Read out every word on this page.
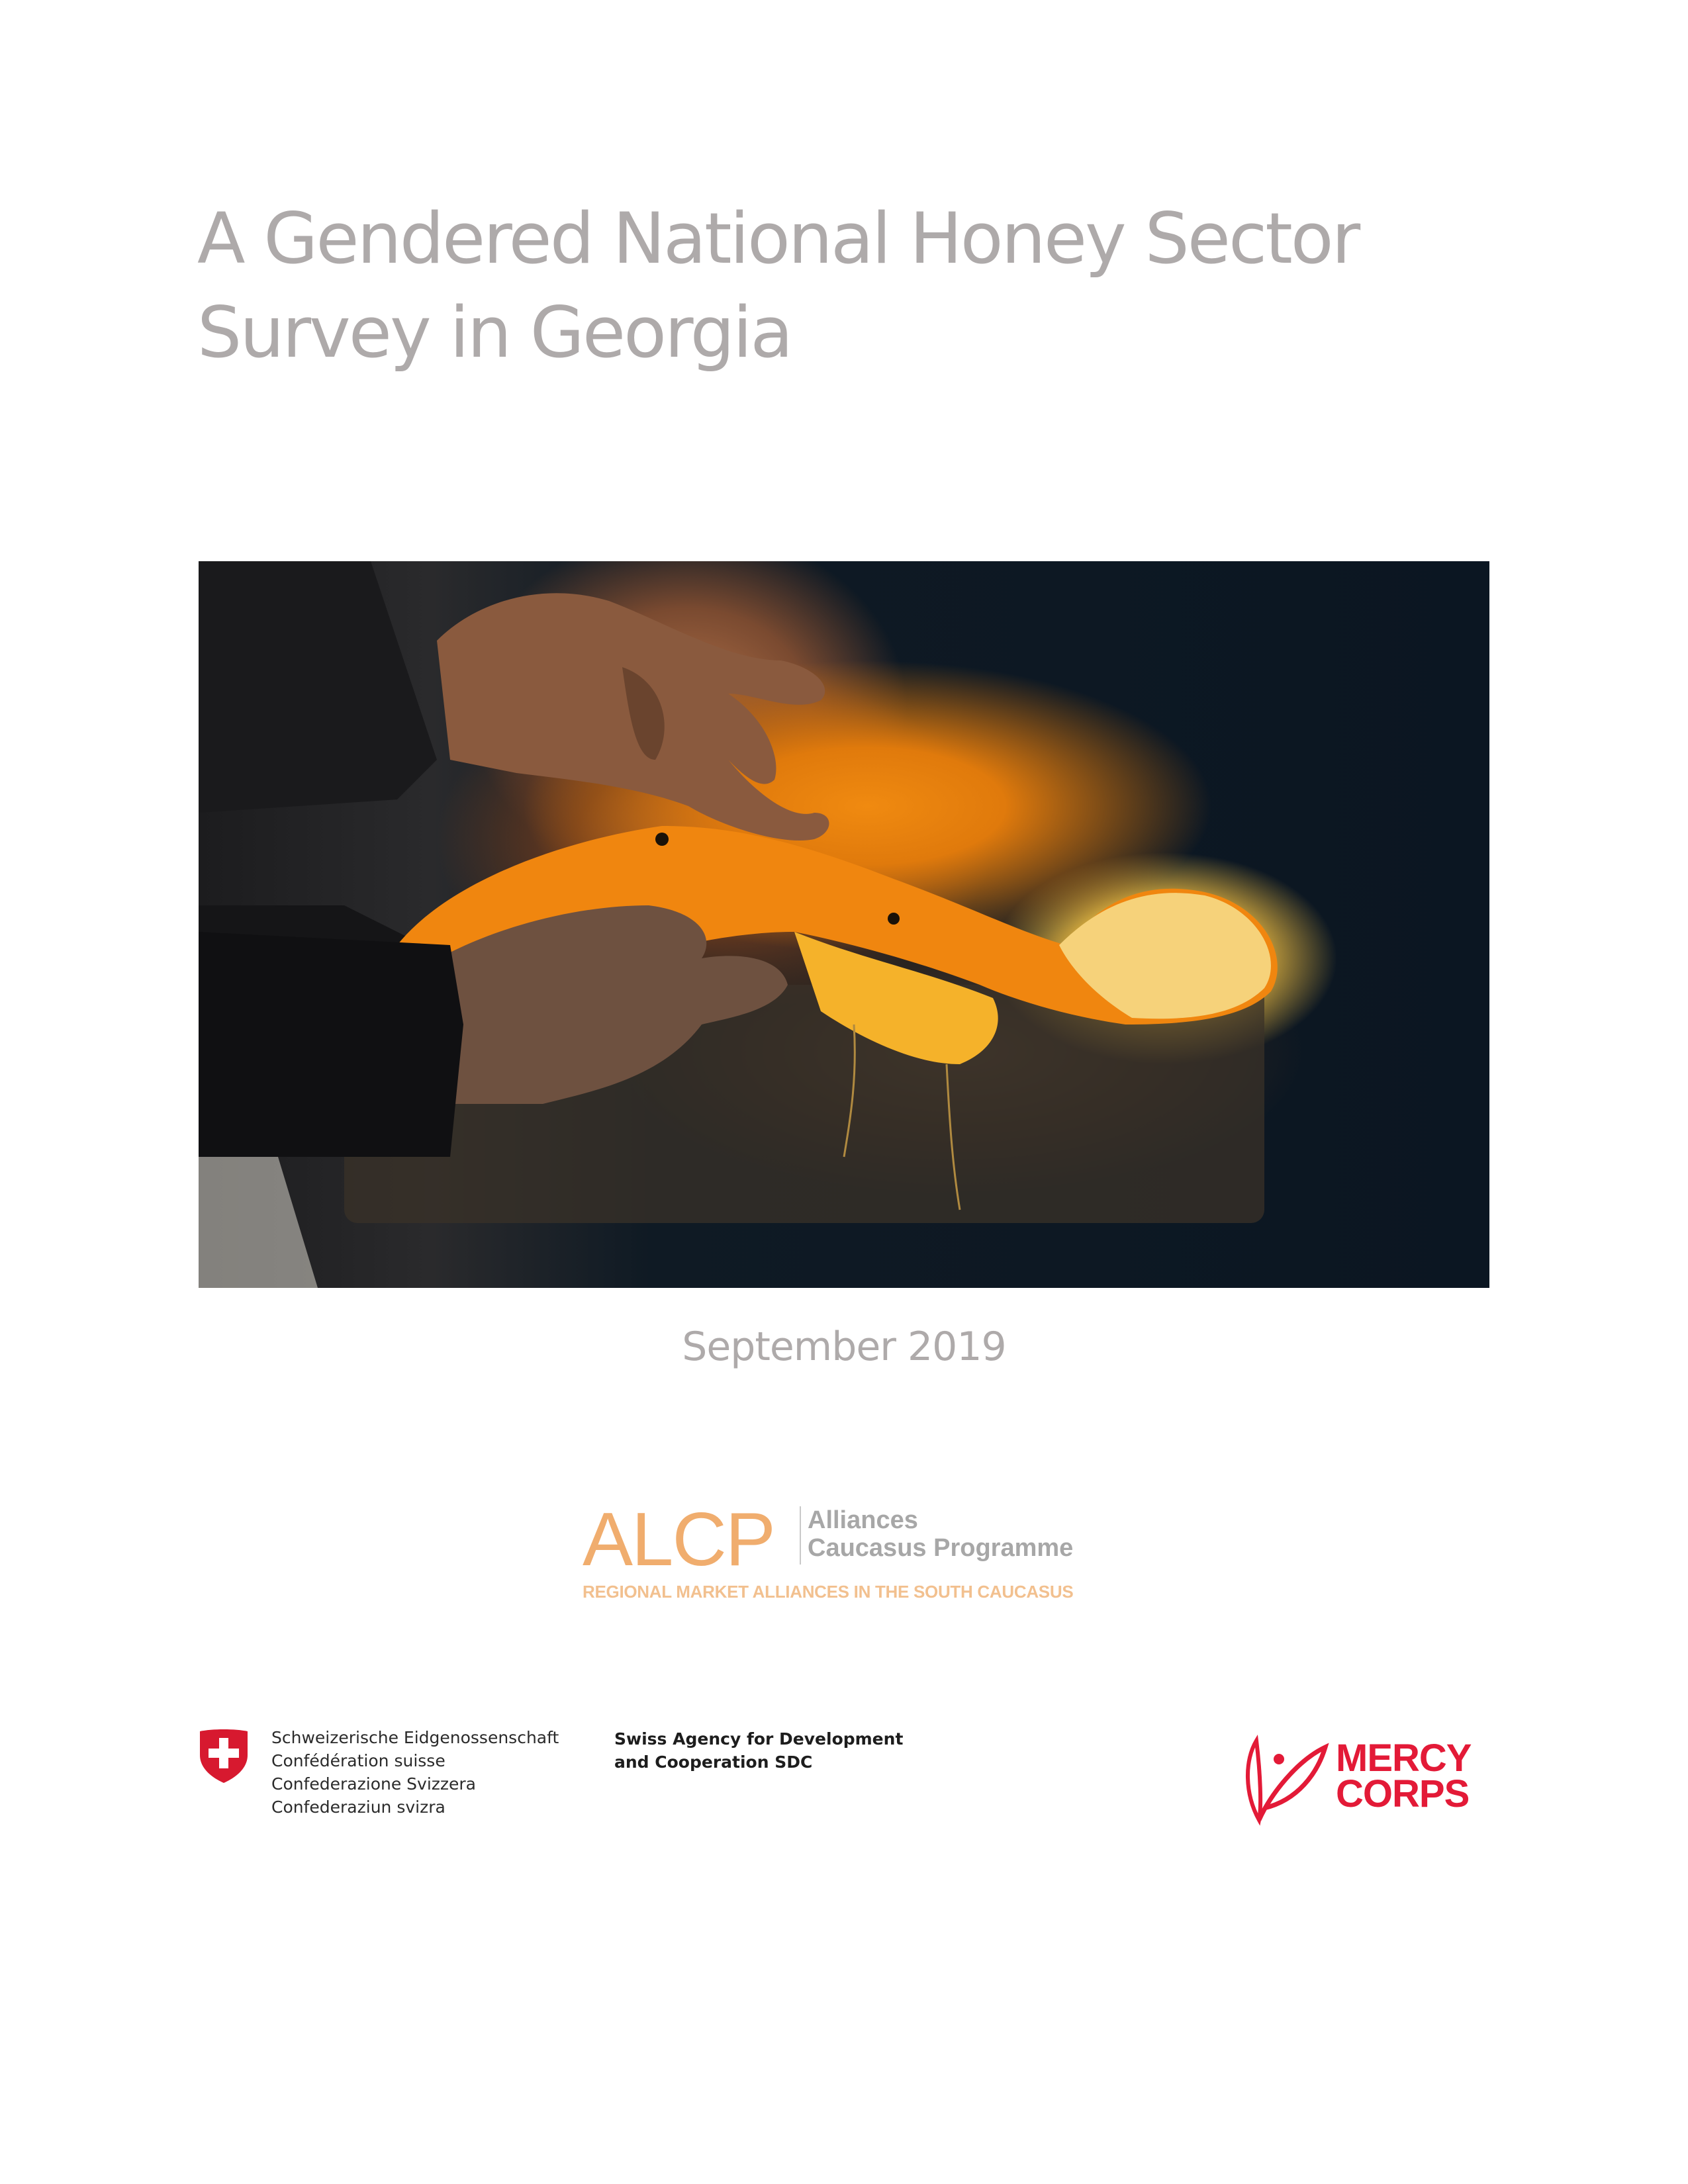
A Gendered National Honey Sector
Survey in Georgia
September 2019
ALCP Alliances
Caucasus Programme
REGIONAL MARKET ALLIANCES IN THE SOUTH CAUCASUS
Schweizerische Eidgenossenschaft
Confédération suisse
Confederazione Svizzera
Confederaziun svizra
Swiss Agency for Development
and Cooperation SDC	MERCY
CORPS
